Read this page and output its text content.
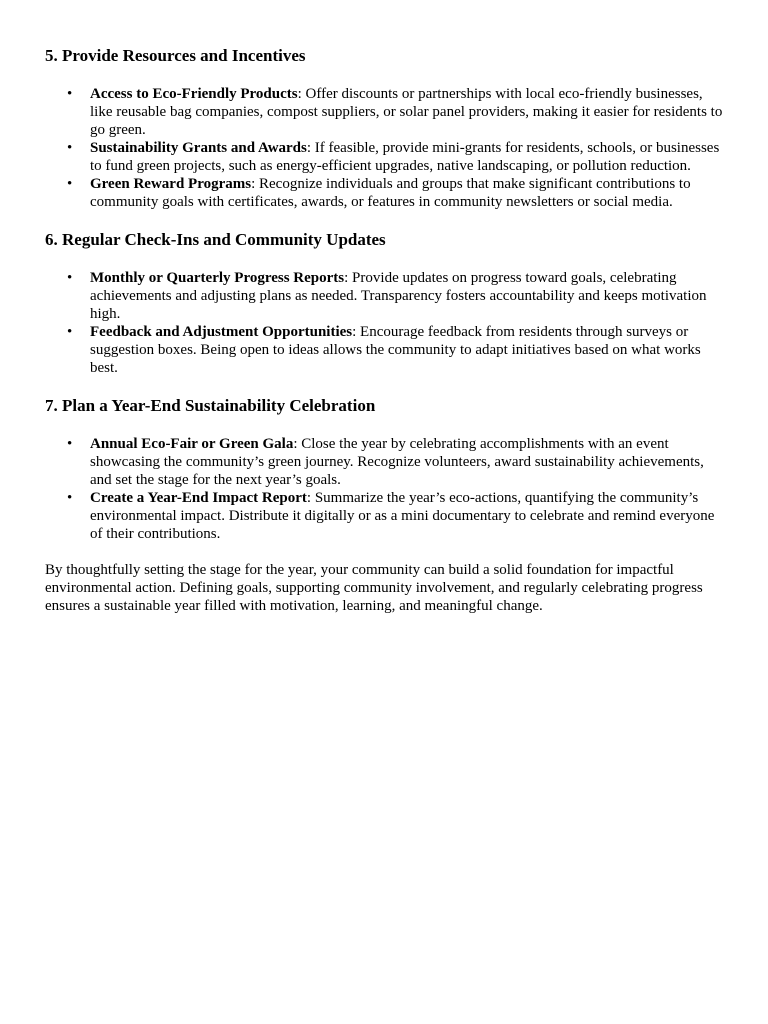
5. Provide Resources and Incentives
• Access to Eco-Friendly Products: Offer discounts or partnerships with local eco-friendly businesses, like reusable bag companies, compost suppliers, or solar panel providers, making it easier for residents to go green.
• Sustainability Grants and Awards: If feasible, provide mini-grants for residents, schools, or businesses to fund green projects, such as energy-efficient upgrades, native landscaping, or pollution reduction.
• Green Reward Programs: Recognize individuals and groups that make significant contributions to community goals with certificates, awards, or features in community newsletters or social media.
6. Regular Check-Ins and Community Updates
• Monthly or Quarterly Progress Reports: Provide updates on progress toward goals, celebrating achievements and adjusting plans as needed. Transparency fosters accountability and keeps motivation high.
• Feedback and Adjustment Opportunities: Encourage feedback from residents through surveys or suggestion boxes. Being open to ideas allows the community to adapt initiatives based on what works best.
7. Plan a Year-End Sustainability Celebration
• Annual Eco-Fair or Green Gala: Close the year by celebrating accomplishments with an event showcasing the community’s green journey. Recognize volunteers, award sustainability achievements, and set the stage for the next year’s goals.
• Create a Year-End Impact Report: Summarize the year’s eco-actions, quantifying the community’s environmental impact. Distribute it digitally or as a mini documentary to celebrate and remind everyone of their contributions.

By thoughtfully setting the stage for the year, your community can build a solid foundation for impactful environmental action. Defining goals, supporting community involvement, and regularly celebrating progress ensures a sustainable year filled with motivation, learning, and meaningful change.
